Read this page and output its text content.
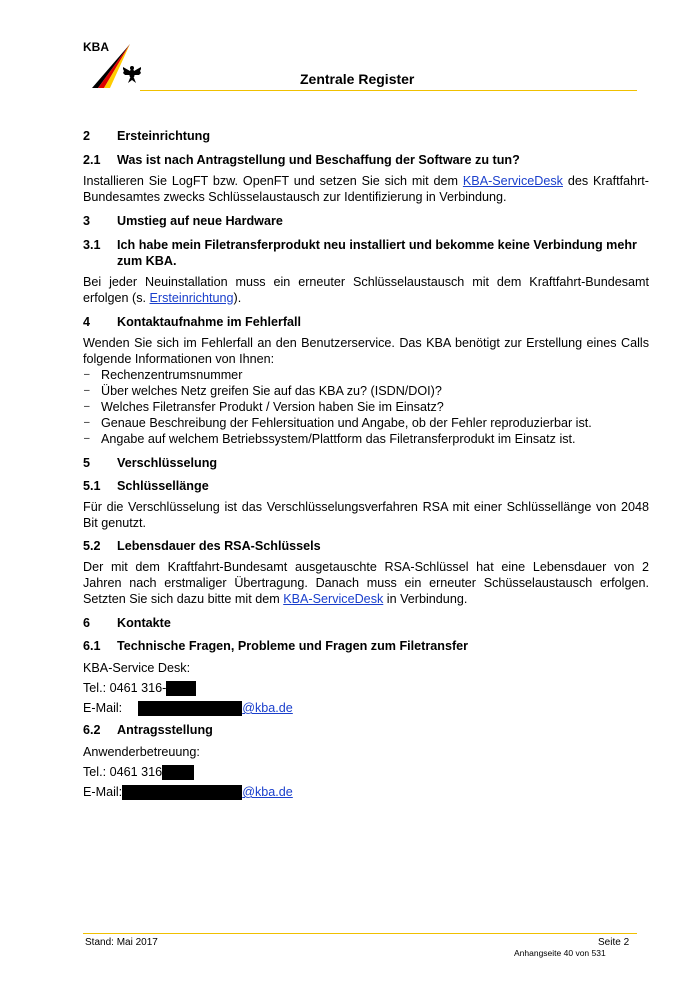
KBA
Zentrale Register
2	Ersteinrichtung
2.1	Was ist nach Antragstellung und Beschaffung der Software zu tun?

Installieren Sie LogFT bzw. OpenFT und setzen Sie sich mit dem KBA-ServiceDesk des Kraftfahrt-Bundesamtes zwecks Schlüsselaustausch zur Identifizierung in Verbindung.

3	Umstieg auf neue Hardware
3.1	Ich habe mein Filetransferprodukt neu installiert und bekomme keine Verbindung mehr zum KBA.

Bei jeder Neuinstallation muss ein erneuter Schlüsselaustausch mit dem Kraftfahrt-Bundesamt erfolgen (s. Ersteinrichtung).

4	Kontaktaufnahme im Fehlerfall

Wenden Sie sich im Fehlerfall an den Benutzerservice. Das KBA benötigt zur Erstellung eines Calls folgende Informationen von Ihnen:

– Rechenzentrumsnummer
– Über welches Netz greifen Sie auf das KBA zu? (ISDN/DOI)?
– Welches Filetransfer Produkt / Version haben Sie im Einsatz?
– Genaue Beschreibung der Fehlersituation und Angabe, ob der Fehler reproduzierbar ist.
– Angabe auf welchem Betriebssystem/Plattform das Filetransferprodukt im Einsatz ist.
5	Verschlüsselung
5.1	Schlüssellänge

Für die Verschlüsselung ist das Verschlüsselungsverfahren RSA mit einer Schlüssellänge von 2048 Bit genutzt.

5.2	Lebensdauer des RSA-Schlüssels

Der mit dem Kraftfahrt-Bundesamt ausgetauschte RSA-Schlüssel hat eine Lebensdauer von 2 Jahren nach erstmaliger Übertragung. Danach muss ein erneuter Schüsselaustausch erfolgen. Setzten Sie sich dazu bitte mit dem KBA-ServiceDesk in Verbindung.

6	Kontakte
6.1	Technische Fragen, Probleme und Fragen zum Filetransfer
KBA-Service Desk:
Tel.: 0461 316-
E-Mail:	@kba.de
6.2	Antragsstellung
Anwenderbetreuung:
Tel.: 0461 316
E-Mail:	@kba.de
Stand: Mai 2017	Seite 2
Anhangseite 40 von 531
